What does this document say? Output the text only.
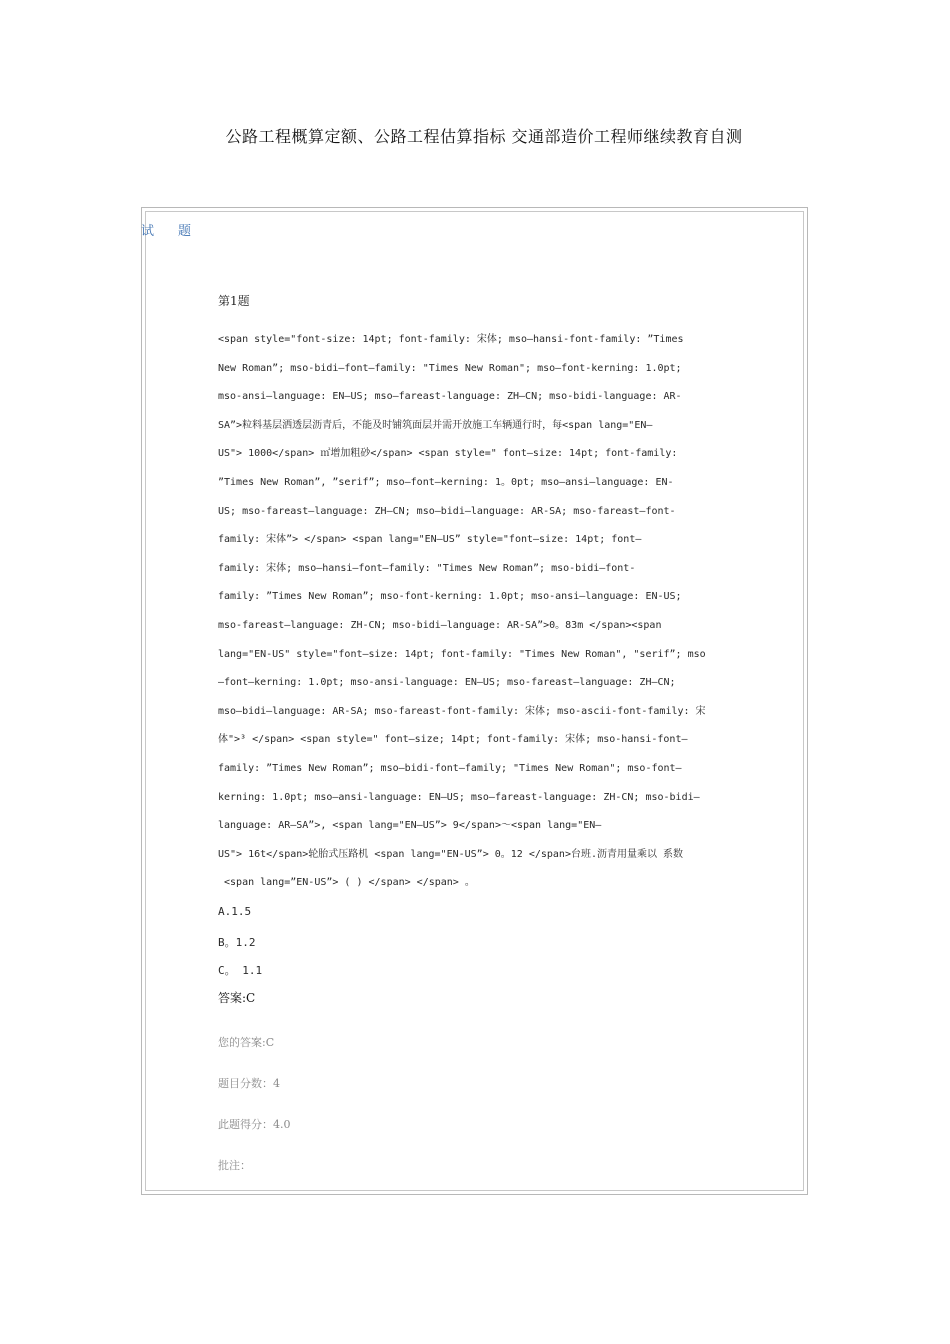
公路工程概算定额、公路工程估算指标 交通部造价工程师继续教育自测
试 题
第1题
<span style="font-size: 14pt; font-family: 宋体; mso—hansi-font-family: ”Times
New Roman”; mso-bidi—font—family: "Times New Roman"; mso—font-kerning: 1.0pt;
mso-ansi—language: EN—US; mso—fareast-language: ZH—CN; mso-bidi-language: AR-
SA”>粒料基层洒透层沥青后，不能及时铺筑面层并需开放施工车辆通行时，每<span lang="EN—
US"> 1000</span> ㎡增加粗砂</span> <span style=" font—size: 14pt; font-family:
”Times New Roman”, ”serif”; mso—font—kerning: 1。0pt; mso—ansi—language: EN-
US; mso-fareast—language: ZH—CN; mso—bidi—language: AR-SA; mso-fareast—font-
family: 宋体”> </span> <span lang="EN—US” style="font—size: 14pt; font—
family: 宋体; mso—hansi—font—family: "Times New Roman”; mso-bidi—font-
family: ”Times New Roman”; mso-font-kerning: 1.0pt; mso-ansi—language: EN-US;
mso-fareast—language: ZH-CN; mso-bidi—language: AR-SA”>0。83m </span><span
lang="EN-US" style="font—size: 14pt; font-family: "Times New Roman", "serif”; mso
—font—kerning: 1.0pt; mso-ansi-language: EN—US; mso-fareast—language: ZH—CN;
mso—bidi—language: AR-SA; mso-fareast-font-family: 宋体; mso-ascii-font-family: 宋
体">³ </span> <span style=" font—size; 14pt; font-family: 宋体; mso-hansi-font—
family: ”Times New Roman”; mso—bidi-font—family; "Times New Roman"; mso-font—
kerning: 1.0pt; mso—ansi-language: EN—US; mso—fareast-language: ZH-CN; mso-bidi—
language: AR—SA”>, <span lang="EN—US”> 9</span>～<span lang="EN—
US"> 16t</span>轮胎式压路机 <span lang="EN-US”> 0。12 </span>台班.沥青用量乘以 系数
<span lang=”EN-US”> ( ) </span> </span> 。
A.1.5
B。1.2
C。 1.1
答案:C
您的答案:C
题目分数：4
此题得分：4.0
批注：
